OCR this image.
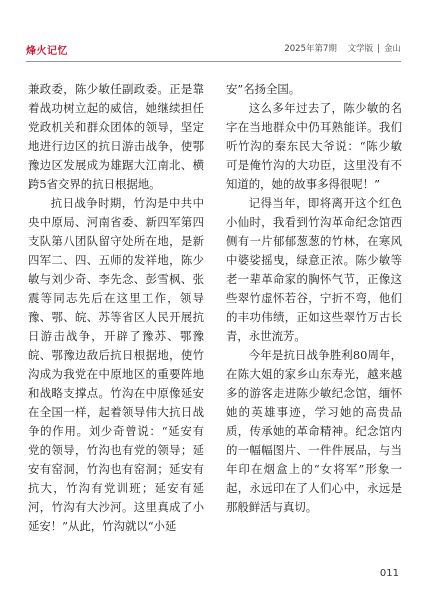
烽火记忆	2025年第7期 文学版 | 金山

兼政委，陈少敏任副政委。正是靠着战功树立起的威信，她继续担任党政机关和群众团体的领导，坚定地进行边区的抗日游击战争，使鄂豫边区发展成为雄踞大江南北、横跨5省交界的抗日根据地。

抗日战争时期，竹沟是中共中央中原局、河南省委、新四军第四支队第八团队留守处所在地，是新四军二、四、五师的发祥地，陈少敏与刘少奇、李先念、彭雪枫、张震等同志先后在这里工作，领导豫、鄂、皖、苏等省区人民开展抗日游击战争，开辟了豫苏、鄂豫皖、鄂豫边敌后抗日根据地，使竹沟成为我党在中原地区的重要阵地和战略支撑点。竹沟在中原像延安在全国一样，起着领导伟大抗日战争的作用。刘少奇曾说：“延安有党的领导，竹沟也有党的领导；延安有窑洞，竹沟也有窑洞；延安有抗大，竹沟有党训班；延安有延河，竹沟有大沙河。这里真成了小延安！”从此，竹沟就以“小延

安”名扬全国。

这么多年过去了，陈少敏的名字在当地群众中仍耳熟能详。我们听竹沟的秦东民大爷说：“陈少敏可是俺竹沟的大功臣，这里没有不知道的，她的故事多得很呢！”

记得当年，即将离开这个红色小仙时，我看到竹沟革命纪念馆西侧有一片郁郁葱葱的竹林，在寒风中婆娑摇曳，绿意正浓。陈少敏等老一辈革命家的胸怀气节，正像这些翠竹虚怀若谷，宁折不弯，他们的丰功伟绩，正如这些翠竹万古长青，永世流芳。

今年是抗日战争胜利80周年，在陈大姐的家乡山东寿光，越来越多的游客走进陈少敏纪念馆，缅怀她的英雄事迹，学习她的高贵品质，传承她的革命精神。纪念馆内的一幅幅图片、一件件展品，与当年印在烟盒上的“女将军”形象一起，永远印在了人们心中，永远是那般鲜活与真切。

011
